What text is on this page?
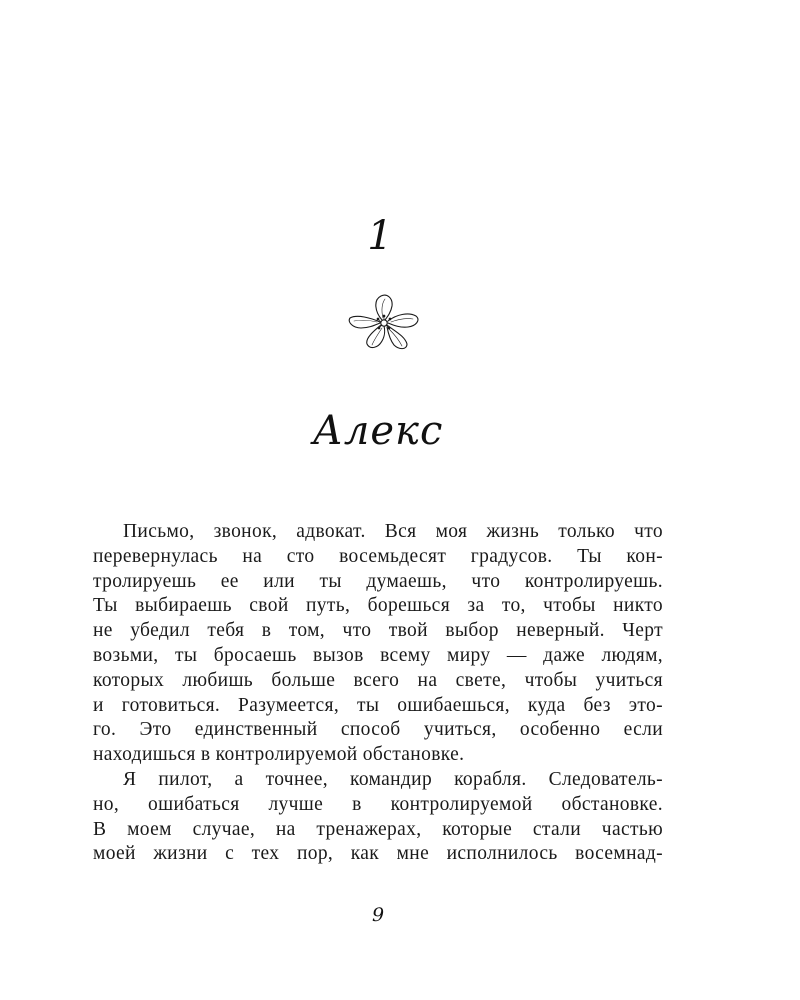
1
Алекс

Письмо, звонок, адвокат. Вся моя жизнь только что
перевернулась на сто восемьдесят градусов. Ты кон-
тролируешь ее или ты думаешь, что контролируешь.
Ты выбираешь свой путь, борешься за то, чтобы никто
не убедил тебя в том, что твой выбор неверный. Черт
возьми, ты бросаешь вызов всему миру — даже людям,
которых любишь больше всего на свете, чтобы учиться
и готовиться. Разумеется, ты ошибаешься, куда без это-
го. Это единственный способ учиться, особенно если
находишься в контролируемой обстановке.

Я пилот, а точнее, командир корабля. Следователь-
но, ошибаться лучше в контролируемой обстановке.
В моем случае, на тренажерах, которые стали частью
моей жизни с тех пор, как мне исполнилось восемнад-

9
